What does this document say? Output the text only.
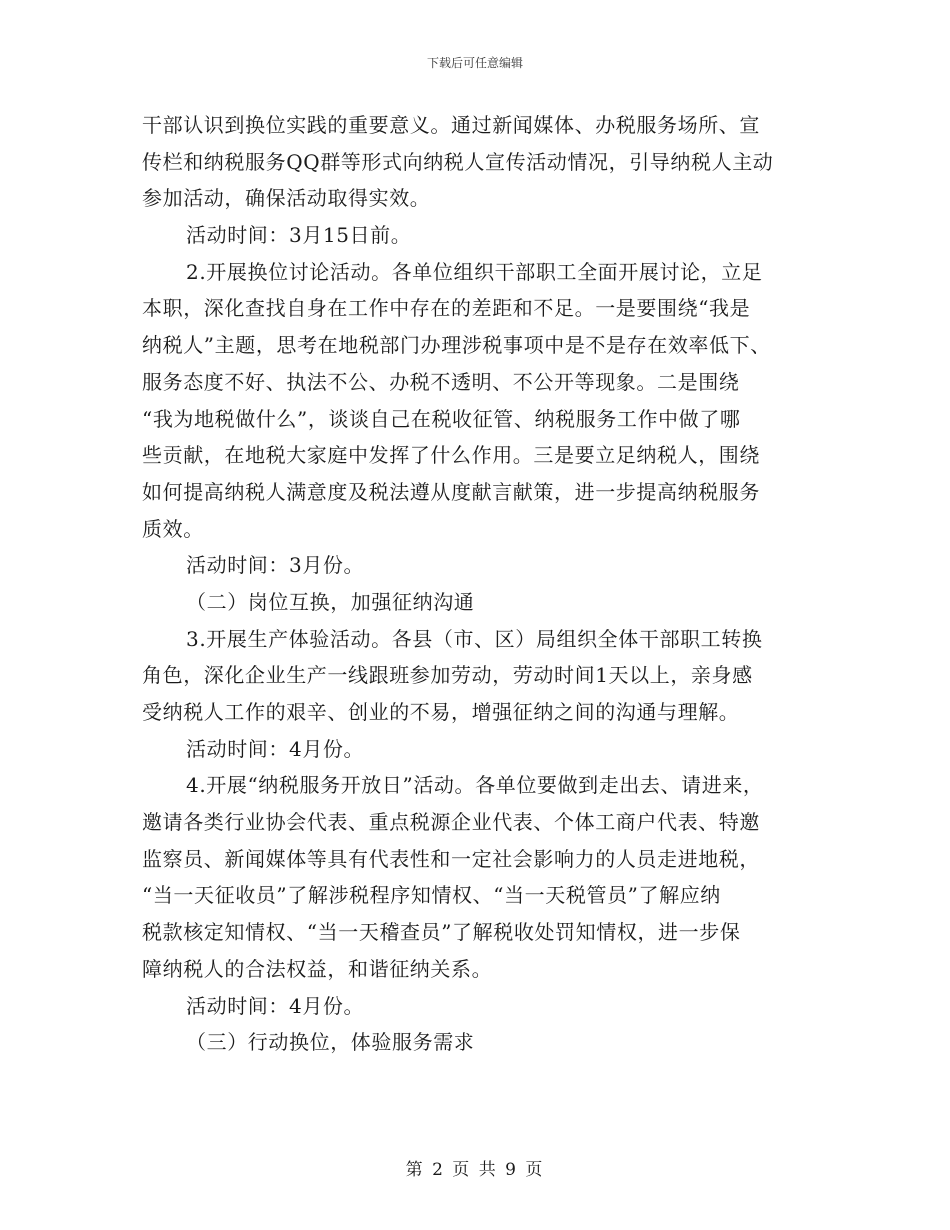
下载后可任意编辑
干部认识到换位实践的重要意义。通过新闻媒体、办税服务场所、宣
传栏和纳税服务QQ群等形式向纳税人宣传活动情况，引导纳税人主动
参加活动，确保活动取得实效。
活动时间：3月15日前。
2.开展换位讨论活动。各单位组织干部职工全面开展讨论，立足
本职，深化查找自身在工作中存在的差距和不足。一是要围绕“我是
纳税人”主题，思考在地税部门办理涉税事项中是不是存在效率低下、
服务态度不好、执法不公、办税不透明、不公开等现象。二是围绕
“我为地税做什么”，谈谈自己在税收征管、纳税服务工作中做了哪
些贡献，在地税大家庭中发挥了什么作用。三是要立足纳税人，围绕
如何提高纳税人满意度及税法遵从度献言献策，进一步提高纳税服务
质效。
活动时间：3月份。
（二）岗位互换，加强征纳沟通
3.开展生产体验活动。各县（市、区）局组织全体干部职工转换
角色，深化企业生产一线跟班参加劳动，劳动时间1天以上，亲身感
受纳税人工作的艰辛、创业的不易，增强征纳之间的沟通与理解。
活动时间：4月份。
4.开展“纳税服务开放日”活动。各单位要做到走出去、请进来，
邀请各类行业协会代表、重点税源企业代表、个体工商户代表、特邀
监察员、新闻媒体等具有代表性和一定社会影响力的人员走进地税，
“当一天征收员”了解涉税程序知情权、“当一天税管员”了解应纳
税款核定知情权、“当一天稽查员”了解税收处罚知情权，进一步保
障纳税人的合法权益，和谐征纳关系。
活动时间：4月份。
（三）行动换位，体验服务需求
第 2 页 共 9 页
